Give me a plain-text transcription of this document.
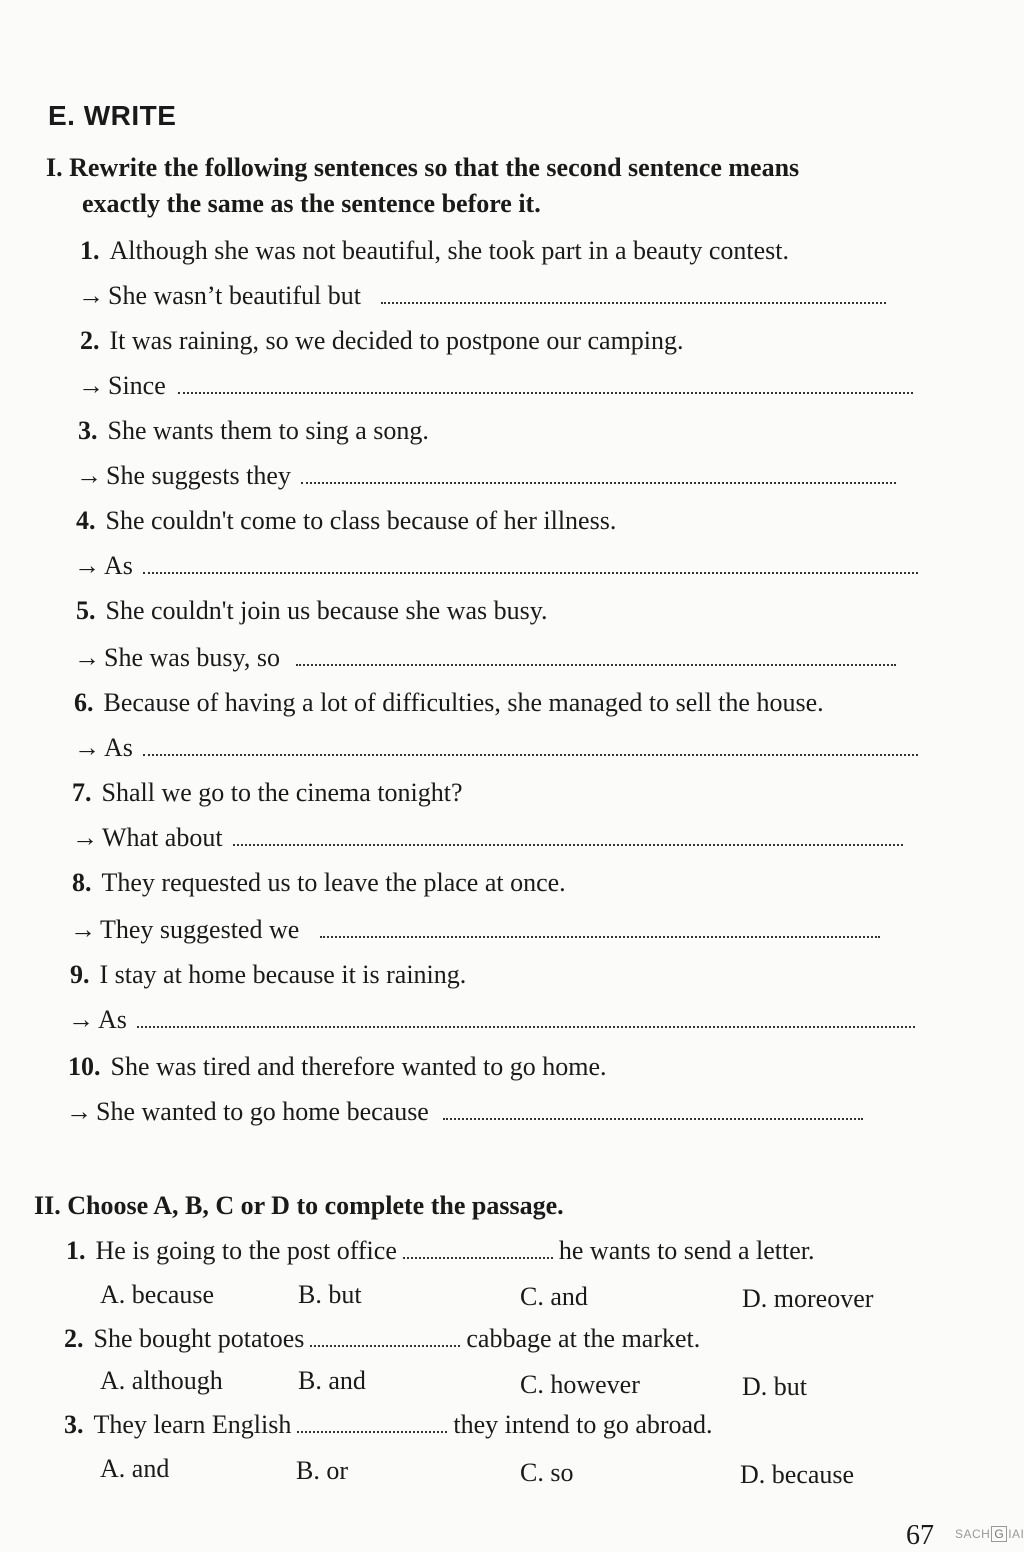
E. WRITE
I. Rewrite the following sentences so that the second sentence means
exactly the same as the sentence before it.
1. Although she was not beautiful, she took part in a beauty contest.
→ She wasn’t beautiful but
2. It was raining, so we decided to postpone our camping.
→ Since
3. She wants them to sing a song.
→ She suggests they
4. She couldn't come to class because of her illness.
→ As
5. She couldn't join us because she was busy.
→ She was busy, so
6. Because of having a lot of difficulties, she managed to sell the house.
→ As
7. Shall we go to the cinema tonight?
→ What about
8. They requested us to leave the place at once.
→ They suggested we
9. I stay at home because it is raining.
→ As
10. She was tired and therefore wanted to go home.
→ She wanted to go home because
II. Choose A, B, C or D to complete the passage.
1. He is going to the post office	he wants to send a letter.
A. because	B. but	C. and	D. moreover
2. She bought potatoes	cabbage at the market.
A. although	B. and	C. however	D. but
3. They learn English	they intend to go abroad.
A. and	B. or	C. so	D. because
67 SACH G IAI
